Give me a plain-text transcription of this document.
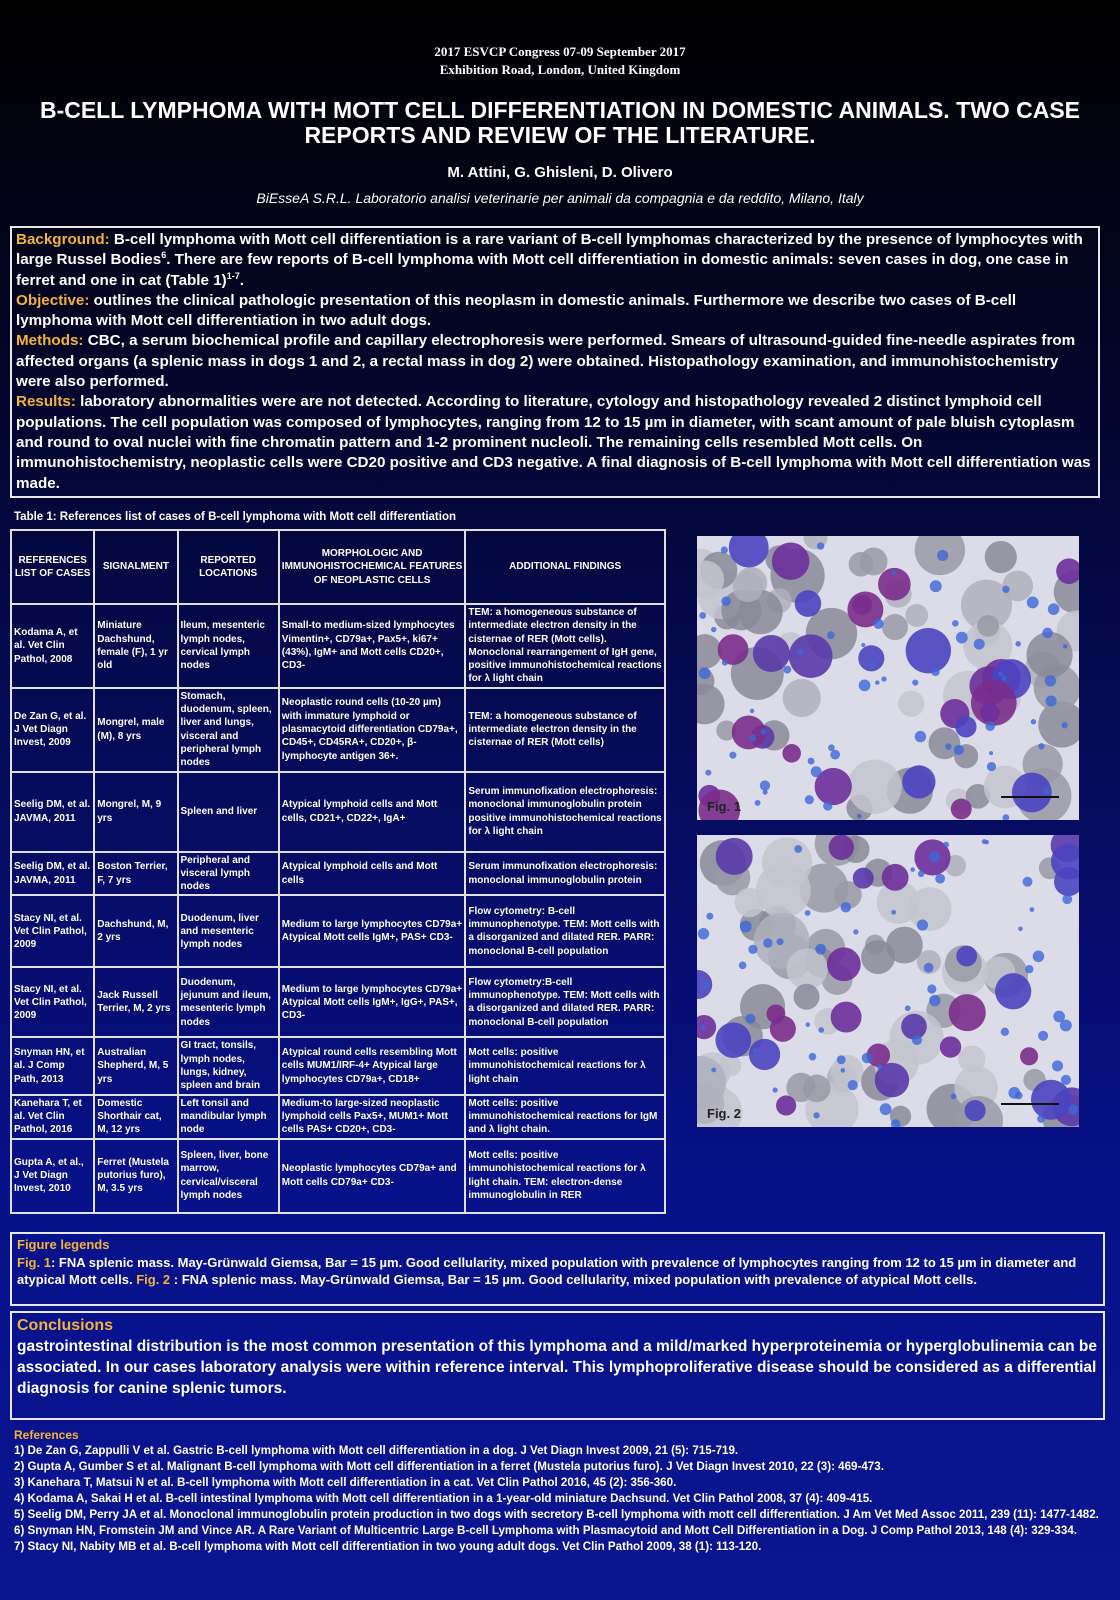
2017 ESVCP Congress 07-09 September 2017
Exhibition Road, London, United Kingdom
B-CELL LYMPHOMA WITH MOTT CELL DIFFERENTIATION IN DOMESTIC ANIMALS. TWO CASE REPORTS AND REVIEW OF THE LITERATURE.
M. Attini, G. Ghisleni, D. Olivero
BiEsseA S.R.L. Laboratorio analisi veterinarie per animali da compagnia e da reddito, Milano, Italy

Background: B-cell lymphoma with Mott cell differentiation is a rare variant of B-cell lymphomas characterized by the presence of lymphocytes with large Russel Bodies$^6$. There are few reports of B-cell lymphoma with Mott cell differentiation in domestic animals: seven cases in dog, one case in ferret and one in cat (Table 1)$^{1-7}$.

Objective: outlines the clinical pathologic presentation of this neoplasm in domestic animals. Furthermore we describe two cases of B-cell lymphoma with Mott cell differentiation in two adult dogs.

Methods: CBC, a serum biochemical profile and capillary electrophoresis were performed. Smears of ultrasound-guided fine-needle aspirates from affected organs (a splenic mass in dogs 1 and 2, a rectal mass in dog 2) were obtained. Histopathology examination, and immunohistochemistry were also performed.

Results: laboratory abnormalities were are not detected. According to literature, cytology and histopathology revealed 2 distinct lymphoid cell populations. The cell population was composed of lymphocytes, ranging from 12 to 15 µm in diameter, with scant amount of pale bluish cytoplasm and round to oval nuclei with fine chromatin pattern and 1-2 prominent nucleoli. The remaining cells resembled Mott cells. On immunohistochemistry, neoplastic cells were CD20 positive and CD3 negative. A final diagnosis of B-cell lymphoma with Mott cell differentiation was made.

Table 1: References list of cases of B-cell lymphoma with Mott cell differentiation
REFERENCES LIST OF CASES	SIGNALMENT	REPORTED LOCATIONS	MORPHOLOGIC AND IMMUNOHISTOCHEMICAL FEATURES OF NEOPLASTIC CELLS	ADDITIONAL FINDINGS
Kodama A, et al. Vet Clin Pathol, 2008	Miniature Dachshund, female (F), 1 yr old	Ileum, mesenteric lymph nodes, cervical lymph nodes	Small-to medium-sized lymphocytes Vimentin+, CD79a+, Pax5+, ki67+ (43%), IgM+ and Mott cells CD20+, CD3-	TEM: a homogeneous substance of intermediate electron density in the cisternae of RER (Mott cells). Monoclonal rearrangement of IgH gene, positive immunohistochemical reactions for λ light chain
De Zan G, et al. J Vet Diagn Invest, 2009	Mongrel, male (M), 8 yrs	Stomach, duodenum, spleen, liver and lungs, visceral and peripheral lymph nodes	Neoplastic round cells (10-20 µm) with immature lymphoid or plasmacytoid differentiation CD79a+, CD45+, CD45RA+, CD20+, β-lymphocyte antigen 36+.	TEM: a homogeneous substance of intermediate electron density in the cisternae of RER (Mott cells)
Seelig DM, et al. JAVMA, 2011	Mongrel, M, 9 yrs	Spleen and liver	Atypical lymphoid cells and Mott cells, CD21+, CD22+, IgA+	Serum immunofixation electrophoresis: monoclonal immunoglobulin protein positive immunohistochemical reactions for λ light chain
Seelig DM, et al. JAVMA, 2011	Boston Terrier, F, 7 yrs	Peripheral and visceral lymph nodes	Atypical lymphoid cells and Mott cells	Serum immunofixation electrophoresis: monoclonal immunoglobulin protein
Stacy NI, et al. Vet Clin Pathol, 2009	Dachshund, M, 2 yrs	Duodenum, liver and mesenteric lymph nodes	Medium to large lymphocytes CD79a+ Atypical Mott cells IgM+, PAS+ CD3-	Flow cytometry: B-cell immunophenotype. TEM: Mott cells with a disorganized and dilated RER. PARR: monoclonal B-cell population
Stacy NI, et al. Vet Clin Pathol, 2009	Jack Russell Terrier, M, 2 yrs	Duodenum, jejunum and ileum, mesenteric lymph nodes	Medium to large lymphocytes CD79a+ Atypical Mott cells IgM+, IgG+, PAS+, CD3-	Flow cytometry:B-cell immunophenotype. TEM: Mott cells with a disorganized and dilated RER. PARR: monoclonal B-cell population
Snyman HN, et al. J Comp Path, 2013	Australian Shepherd, M, 5 yrs	GI tract, tonsils, lymph nodes, lungs, kidney, spleen and brain	Atypical round cells resembling Mott cells MUM1/IRF-4+ Atypical large lymphocytes CD79a+, CD18+	Mott cells: positive immunohistochemical reactions for λ light chain
Kanehara T, et al. Vet Clin Pathol, 2016	Domestic Shorthair cat, M, 12 yrs	Left tonsil and mandibular lymph node	Medium-to large-sized neoplastic lymphoid cells Pax5+, MUM1+ Mott cells PAS+ CD20+, CD3-	Mott cells: positive immunohistochemical reactions for IgM and λ light chain.
Gupta A, et al., J Vet Diagn Invest, 2010	Ferret (Mustela putorius furo), M, 3.5 yrs	Spleen, liver, bone marrow, cervical/visceral lymph nodes	Neoplastic lymphocytes CD79a+ and Mott cells CD79a+ CD3-	Mott cells: positive immunohistochemical reactions for λ light chain. TEM: electron-dense immunoglobulin in RER
Fig. 1
Fig. 2
Figure legends
Fig. 1: FNA splenic mass. May-Grünwald Giemsa, Bar = 15 µm. Good cellularity, mixed population with prevalence of lymphocytes ranging from 12 to 15 µm in diameter and atypical Mott cells. Fig. 2 : FNA splenic mass. May-Grünwald Giemsa, Bar = 15 µm. Good cellularity, mixed population with prevalence of atypical Mott cells.
Conclusions
gastrointestinal distribution is the most common presentation of this lymphoma and a mild/marked hyperproteinemia or hyperglobulinemia can be associated. In our cases laboratory analysis were within reference interval. This lymphoproliferative disease should be considered as a differential diagnosis for canine splenic tumors.
References
1) De Zan G, Zappulli V et al. Gastric B-cell lymphoma with Mott cell differentiation in a dog. J Vet Diagn Invest 2009, 21 (5): 715-719.
2) Gupta A, Gumber S et al. Malignant B-cell lymphoma with Mott cell differentiation in a ferret (Mustela putorius furo). J Vet Diagn Invest 2010, 22 (3): 469-473.
3) Kanehara T, Matsui N et al. B-cell lymphoma with Mott cell differentiation in a cat. Vet Clin Pathol 2016, 45 (2): 356-360.
4) Kodama A, Sakai H et al. B-cell intestinal lymphoma with Mott cell differentiation in a 1-year-old miniature Dachsund. Vet Clin Pathol 2008, 37 (4): 409-415.
5) Seelig DM, Perry JA et al. Monoclonal immunoglobulin protein production in two dogs with secretory B-cell lymphoma with mott cell differentiation. J Am Vet Med Assoc 2011, 239 (11): 1477-1482.
6) Snyman HN, Fromstein JM and Vince AR. A Rare Variant of Multicentric Large B-cell Lymphoma with Plasmacytoid and Mott Cell Differentiation in a Dog. J Comp Pathol 2013, 148 (4): 329-334.
7) Stacy NI, Nabity MB et al. B-cell lymphoma with Mott cell differentiation in two young adult dogs. Vet Clin Pathol 2009, 38 (1): 113-120.
